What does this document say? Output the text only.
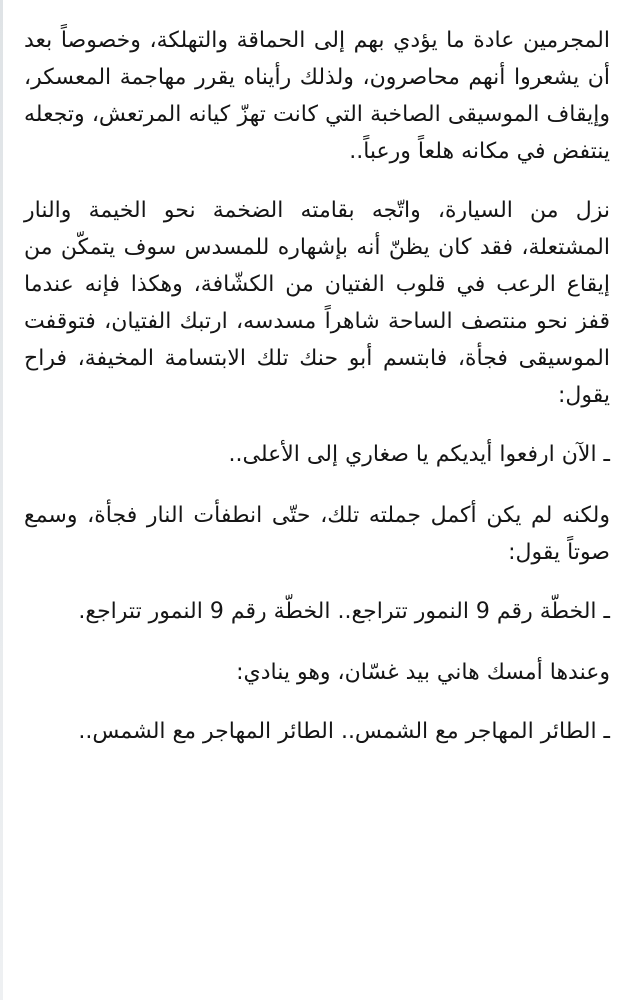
المجرمين عادة ما يؤدي بهم إلى الحماقة والتهلكة، وخصوصاً بعد أن يشعروا أنهم محاصرون، ولذلك رأيناه يقرر مهاجمة المعسكر، وإيقاف الموسيقى الصاخبة التي كانت تهزّ كيانه المرتعش، وتجعله ينتفض في مكانه هلعاً ورعباً..

نزل من السيارة، واتّجه بقامته الضخمة نحو الخيمة والنار المشتعلة، فقد كان يظنّ أنه بإشهاره للمسدس سوف يتمكّن من إيقاع الرعب في قلوب الفتيان من الكشّافة، وهكذا فإنه عندما قفز نحو منتصف الساحة شاهراً مسدسه، ارتبك الفتيان، فتوقفت الموسيقى فجأة، فابتسم أبو حنك تلك الابتسامة المخيفة، فراح يقول:

ـ الآن ارفعوا أيديكم يا صغاري إلى الأعلى..

ولكنه لم يكن أكمل جملته تلك، حتّى انطفأت النار فجأة، وسمع صوتاً يقول:

ـ الخطّة رقم 9 النمور تتراجع.. الخطّة رقم 9 النمور تتراجع.

وعندها أمسك هاني بيد غسّان، وهو ينادي:

ـ الطائر المهاجر مع الشمس.. الطائر المهاجر مع الشمس..
